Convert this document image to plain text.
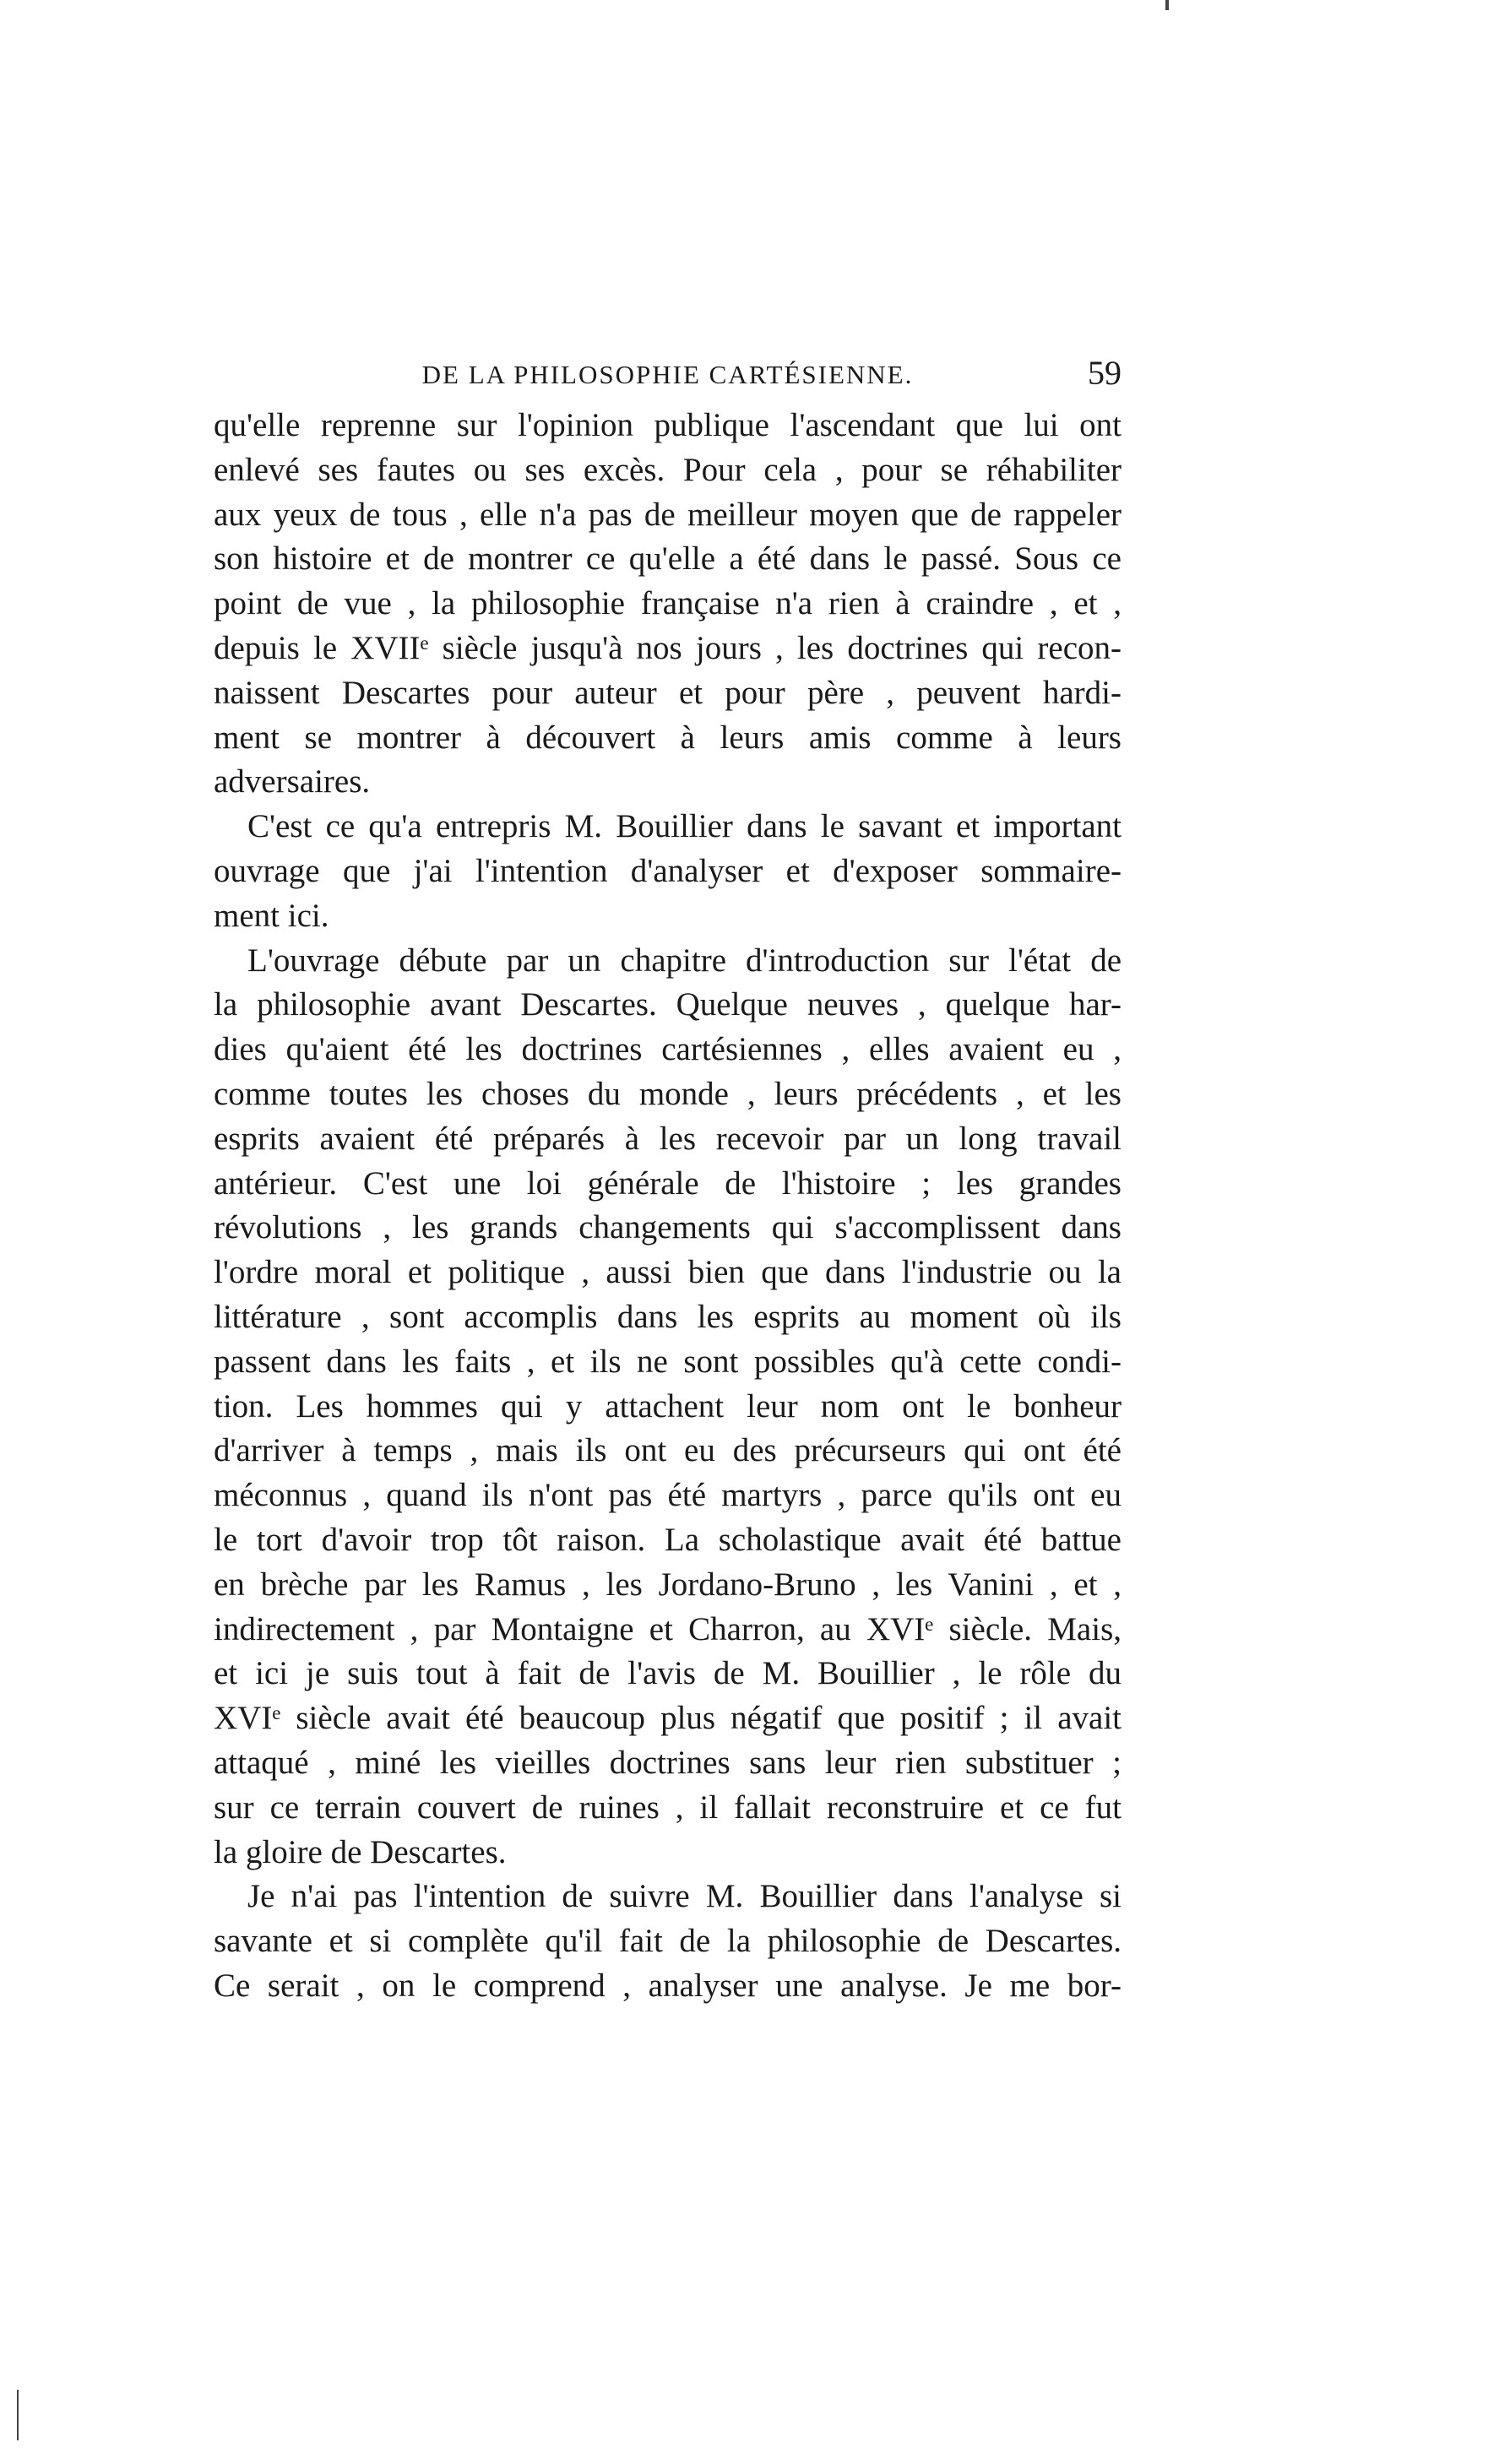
DE LA PHILOSOPHIE CARTÉSIENNE.	59
qu'elle reprenne sur l'opinion publique l'ascendant que lui ont
enlevé ses fautes ou ses excès. Pour cela , pour se réhabiliter
aux yeux de tous , elle n'a pas de meilleur moyen que de rappeler
son histoire et de montrer ce qu'elle a été dans le passé. Sous ce
point de vue , la philosophie française n'a rien à craindre , et ,
depuis le XVIIᵉ siècle jusqu'à nos jours , les doctrines qui recon-
naissent Descartes pour auteur et pour père , peuvent hardi-
ment se montrer à découvert à leurs amis comme à leurs
adversaires.
C'est ce qu'a entrepris M. Bouillier dans le savant et important
ouvrage que j'ai l'intention d'analyser et d'exposer sommaire-
ment ici.
L'ouvrage débute par un chapitre d'introduction sur l'état de
la philosophie avant Descartes. Quelque neuves , quelque har-
dies qu'aient été les doctrines cartésiennes , elles avaient eu ,
comme toutes les choses du monde , leurs précédents , et les
esprits avaient été préparés à les recevoir par un long travail
antérieur. C'est une loi générale de l'histoire ; les grandes
révolutions , les grands changements qui s'accomplissent dans
l'ordre moral et politique , aussi bien que dans l'industrie ou la
littérature , sont accomplis dans les esprits au moment où ils
passent dans les faits , et ils ne sont possibles qu'à cette condi-
tion. Les hommes qui y attachent leur nom ont le bonheur
d'arriver à temps , mais ils ont eu des précurseurs qui ont été
méconnus , quand ils n'ont pas été martyrs , parce qu'ils ont eu
le tort d'avoir trop tôt raison. La scholastique avait été battue
en brèche par les Ramus , les Jordano-Bruno , les Vanini , et ,
indirectement , par Montaigne et Charron, au XVIᵉ siècle. Mais,
et ici je suis tout à fait de l'avis de M. Bouillier , le rôle du
XVIᵉ siècle avait été beaucoup plus négatif que positif ; il avait
attaqué , miné les vieilles doctrines sans leur rien substituer ;
sur ce terrain couvert de ruines , il fallait reconstruire et ce fut
la gloire de Descartes.
Je n'ai pas l'intention de suivre M. Bouillier dans l'analyse si
savante et si complète qu'il fait de la philosophie de Descartes.
Ce serait , on le comprend , analyser une analyse. Je me bor-
